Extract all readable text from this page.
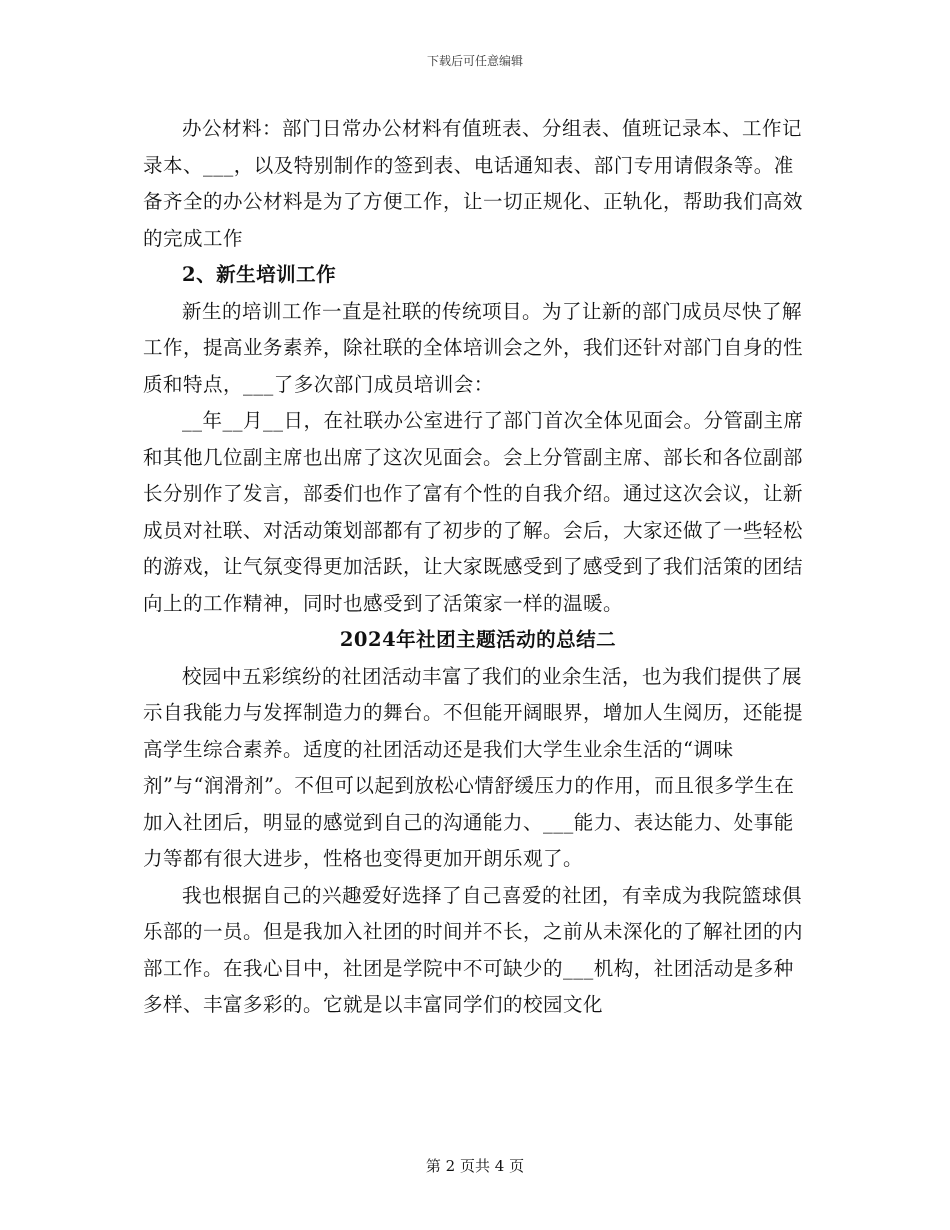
下载后可任意编辑

办公材料：部门日常办公材料有值班表、分组表、值班记录本、工作记录本、___，以及特别制作的签到表、电话通知表、部门专用请假条等。准备齐全的办公材料是为了方便工作，让一切正规化、正轨化，帮助我们高效的完成工作

2、新生培训工作

新生的培训工作一直是社联的传统项目。为了让新的部门成员尽快了解工作，提高业务素养，除社联的全体培训会之外，我们还针对部门自身的性质和特点，___了多次部门成员培训会：

__年__月__日，在社联办公室进行了部门首次全体见面会。分管副主席和其他几位副主席也出席了这次见面会。会上分管副主席、部长和各位副部长分别作了发言，部委们也作了富有个性的自我介绍。通过这次会议，让新成员对社联、对活动策划部都有了初步的了解。会后，大家还做了一些轻松的游戏，让气氛变得更加活跃，让大家既感受到了感受到了我们活策的团结向上的工作精神，同时也感受到了活策家一样的温暖。

2024年社团主题活动的总结二

校园中五彩缤纷的社团活动丰富了我们的业余生活，也为我们提供了展示自我能力与发挥制造力的舞台。不但能开阔眼界，增加人生阅历，还能提高学生综合素养。适度的社团活动还是我们大学生业余生活的“调味剂”与“润滑剂”。不但可以起到放松心情舒缓压力的作用，而且很多学生在加入社团后，明显的感觉到自己的沟通能力、___能力、表达能力、处事能力等都有很大进步，性格也变得更加开朗乐观了。

我也根据自己的兴趣爱好选择了自己喜爱的社团，有幸成为我院篮球俱乐部的一员。但是我加入社团的时间并不长，之前从未深化的了解社团的内部工作。在我心目中，社团是学院中不可缺少的___机构，社团活动是多种多样、丰富多彩的。它就是以丰富同学们的校园文化

第 2 页共 4 页
